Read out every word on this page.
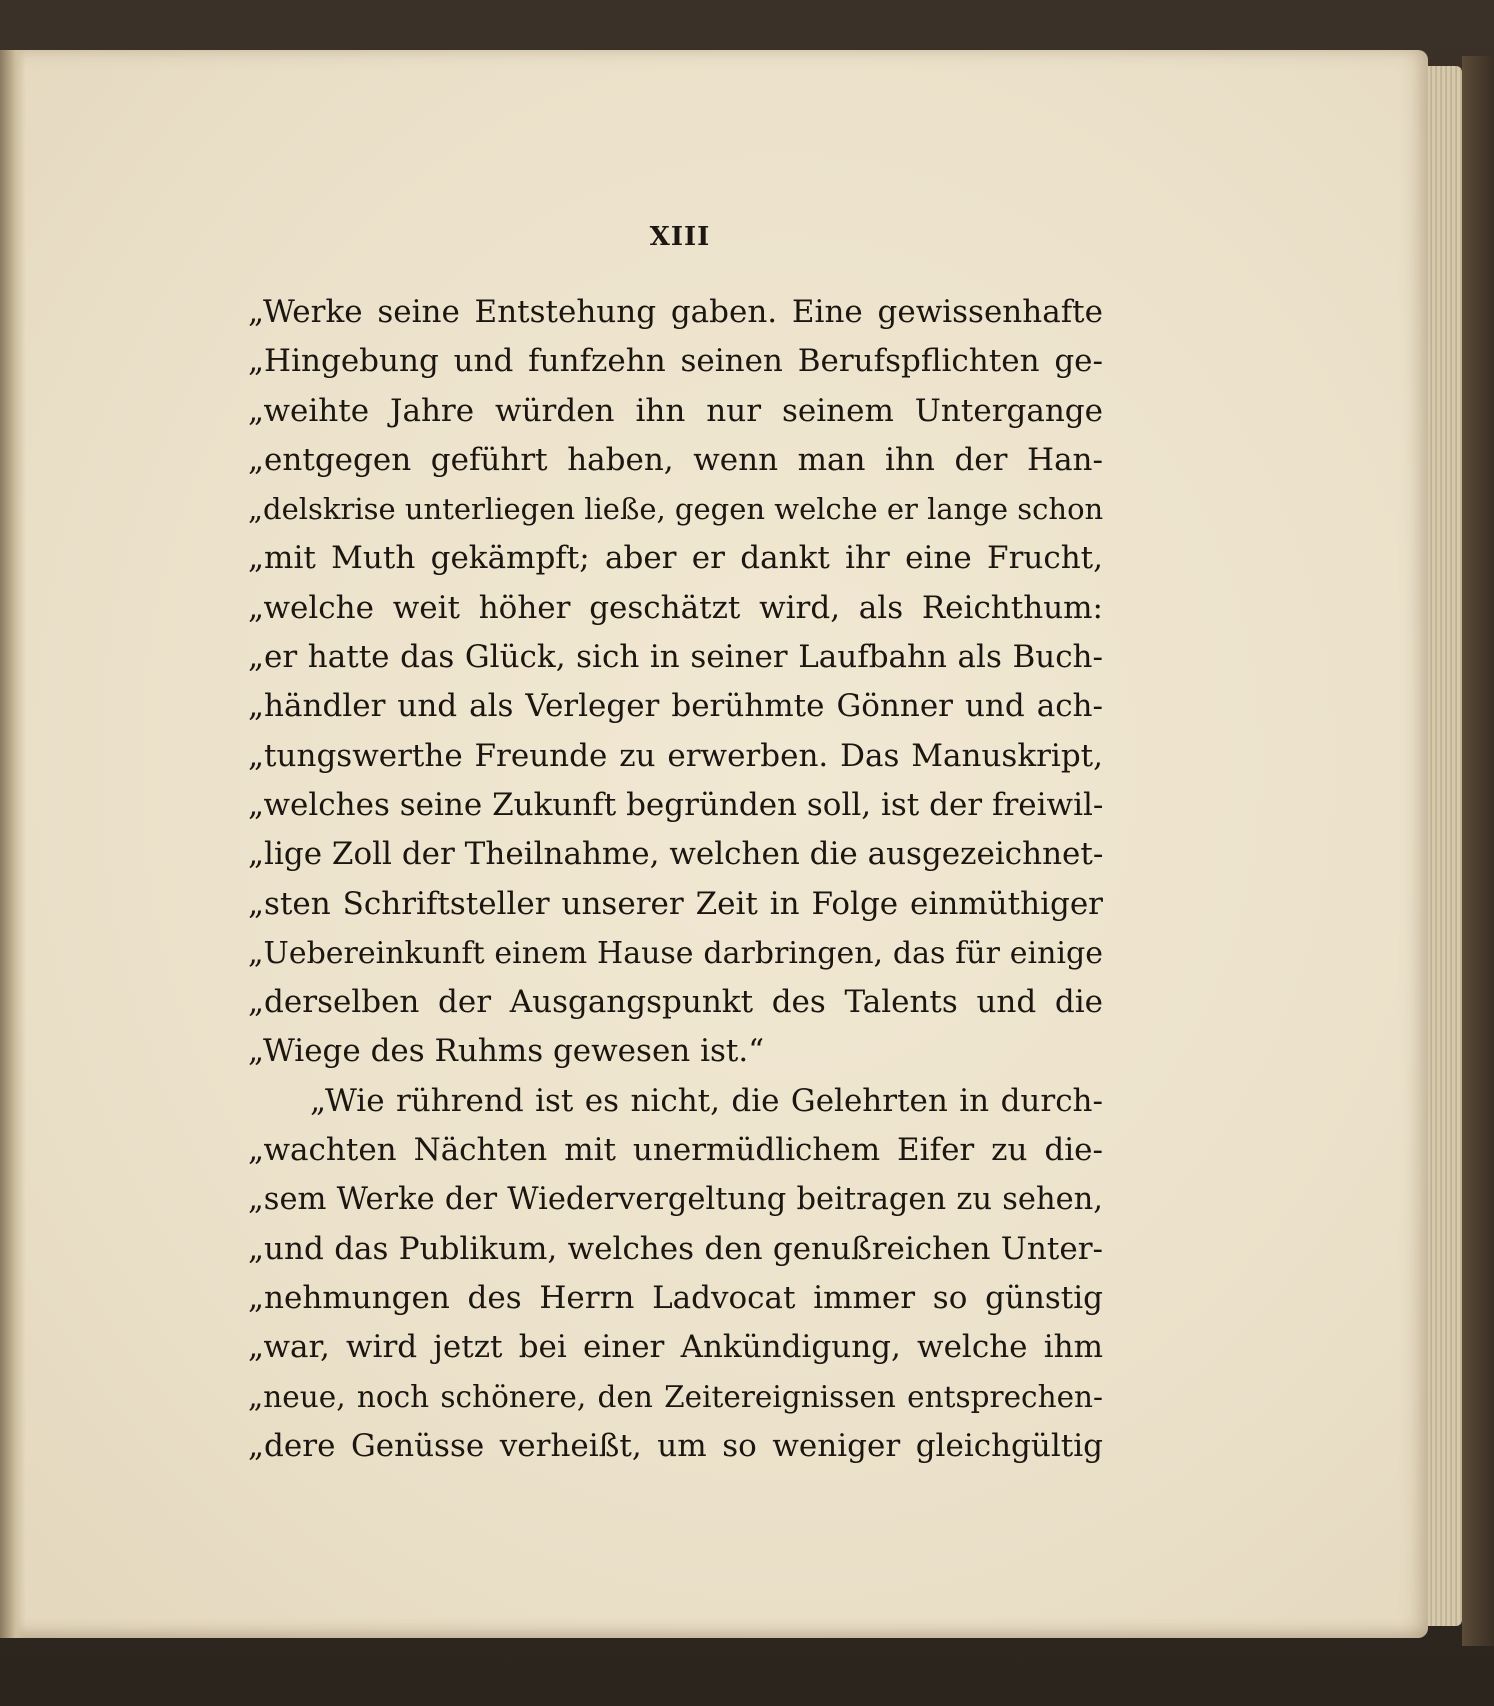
XIII
„Werke seine Entstehung gaben. Eine gewissenhafte
„Hingebung und funfzehn seinen Berufspflichten ge-
„weihte Jahre würden ihn nur seinem Untergange
„entgegen geführt haben, wenn man ihn der Han-
„delskrise unterliegen ließe, gegen welche er lange schon
„mit Muth gekämpft; aber er dankt ihr eine Frucht,
„welche weit höher geschätzt wird, als Reichthum:
„er hatte das Glück, sich in seiner Laufbahn als Buch-
„händler und als Verleger berühmte Gönner und ach-
„tungswerthe Freunde zu erwerben. Das Manuskript,
„welches seine Zukunft begründen soll, ist der freiwil-
„lige Zoll der Theilnahme, welchen die ausgezeichnet-
„sten Schriftsteller unserer Zeit in Folge einmüthiger
„Uebereinkunft einem Hause darbringen, das für einige
„derselben der Ausgangspunkt des Talents und die
„Wiege des Ruhms gewesen ist.“
„Wie rührend ist es nicht, die Gelehrten in durch-
„wachten Nächten mit unermüdlichem Eifer zu die-
„sem Werke der Wiedervergeltung beitragen zu sehen,
„und das Publikum, welches den genußreichen Unter-
„nehmungen des Herrn Ladvocat immer so günstig
„war, wird jetzt bei einer Ankündigung, welche ihm
„neue, noch schönere, den Zeitereignissen entsprechen-
„dere Genüsse verheißt, um so weniger gleichgültig
